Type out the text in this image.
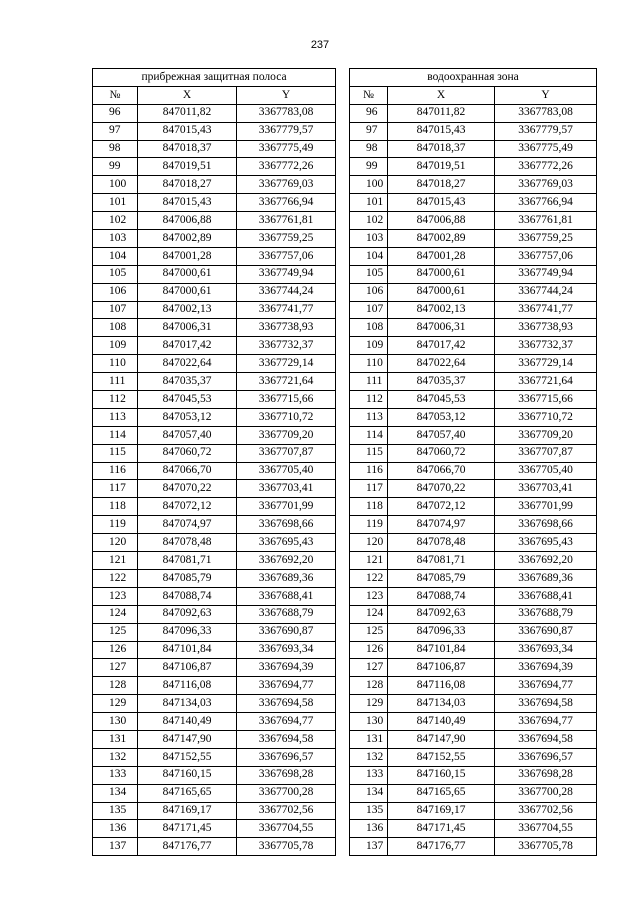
237
прибрежная защитная полоса				водоохранная зона		
№	X	Y		№	X	Y
96	847011,82	3367783,08		96	847011,82	3367783,08
97	847015,43	3367779,57		97	847015,43	3367779,57
98	847018,37	3367775,49		98	847018,37	3367775,49
99	847019,51	3367772,26		99	847019,51	3367772,26
100	847018,27	3367769,03		100	847018,27	3367769,03
101	847015,43	3367766,94		101	847015,43	3367766,94
102	847006,88	3367761,81		102	847006,88	3367761,81
103	847002,89	3367759,25		103	847002,89	3367759,25
104	847001,28	3367757,06		104	847001,28	3367757,06
105	847000,61	3367749,94		105	847000,61	3367749,94
106	847000,61	3367744,24		106	847000,61	3367744,24
107	847002,13	3367741,77		107	847002,13	3367741,77
108	847006,31	3367738,93		108	847006,31	3367738,93
109	847017,42	3367732,37		109	847017,42	3367732,37
110	847022,64	3367729,14		110	847022,64	3367729,14
111	847035,37	3367721,64		111	847035,37	3367721,64
112	847045,53	3367715,66		112	847045,53	3367715,66
113	847053,12	3367710,72		113	847053,12	3367710,72
114	847057,40	3367709,20		114	847057,40	3367709,20
115	847060,72	3367707,87		115	847060,72	3367707,87
116	847066,70	3367705,40		116	847066,70	3367705,40
117	847070,22	3367703,41		117	847070,22	3367703,41
118	847072,12	3367701,99		118	847072,12	3367701,99
119	847074,97	3367698,66		119	847074,97	3367698,66
120	847078,48	3367695,43		120	847078,48	3367695,43
121	847081,71	3367692,20		121	847081,71	3367692,20
122	847085,79	3367689,36		122	847085,79	3367689,36
123	847088,74	3367688,41		123	847088,74	3367688,41
124	847092,63	3367688,79		124	847092,63	3367688,79
125	847096,33	3367690,87		125	847096,33	3367690,87
126	847101,84	3367693,34		126	847101,84	3367693,34
127	847106,87	3367694,39		127	847106,87	3367694,39
128	847116,08	3367694,77		128	847116,08	3367694,77
129	847134,03	3367694,58		129	847134,03	3367694,58
130	847140,49	3367694,77		130	847140,49	3367694,77
131	847147,90	3367694,58		131	847147,90	3367694,58
132	847152,55	3367696,57		132	847152,55	3367696,57
133	847160,15	3367698,28		133	847160,15	3367698,28
134	847165,65	3367700,28		134	847165,65	3367700,28
135	847169,17	3367702,56		135	847169,17	3367702,56
136	847171,45	3367704,55		136	847171,45	3367704,55
137	847176,77	3367705,78		137	847176,77	3367705,78
